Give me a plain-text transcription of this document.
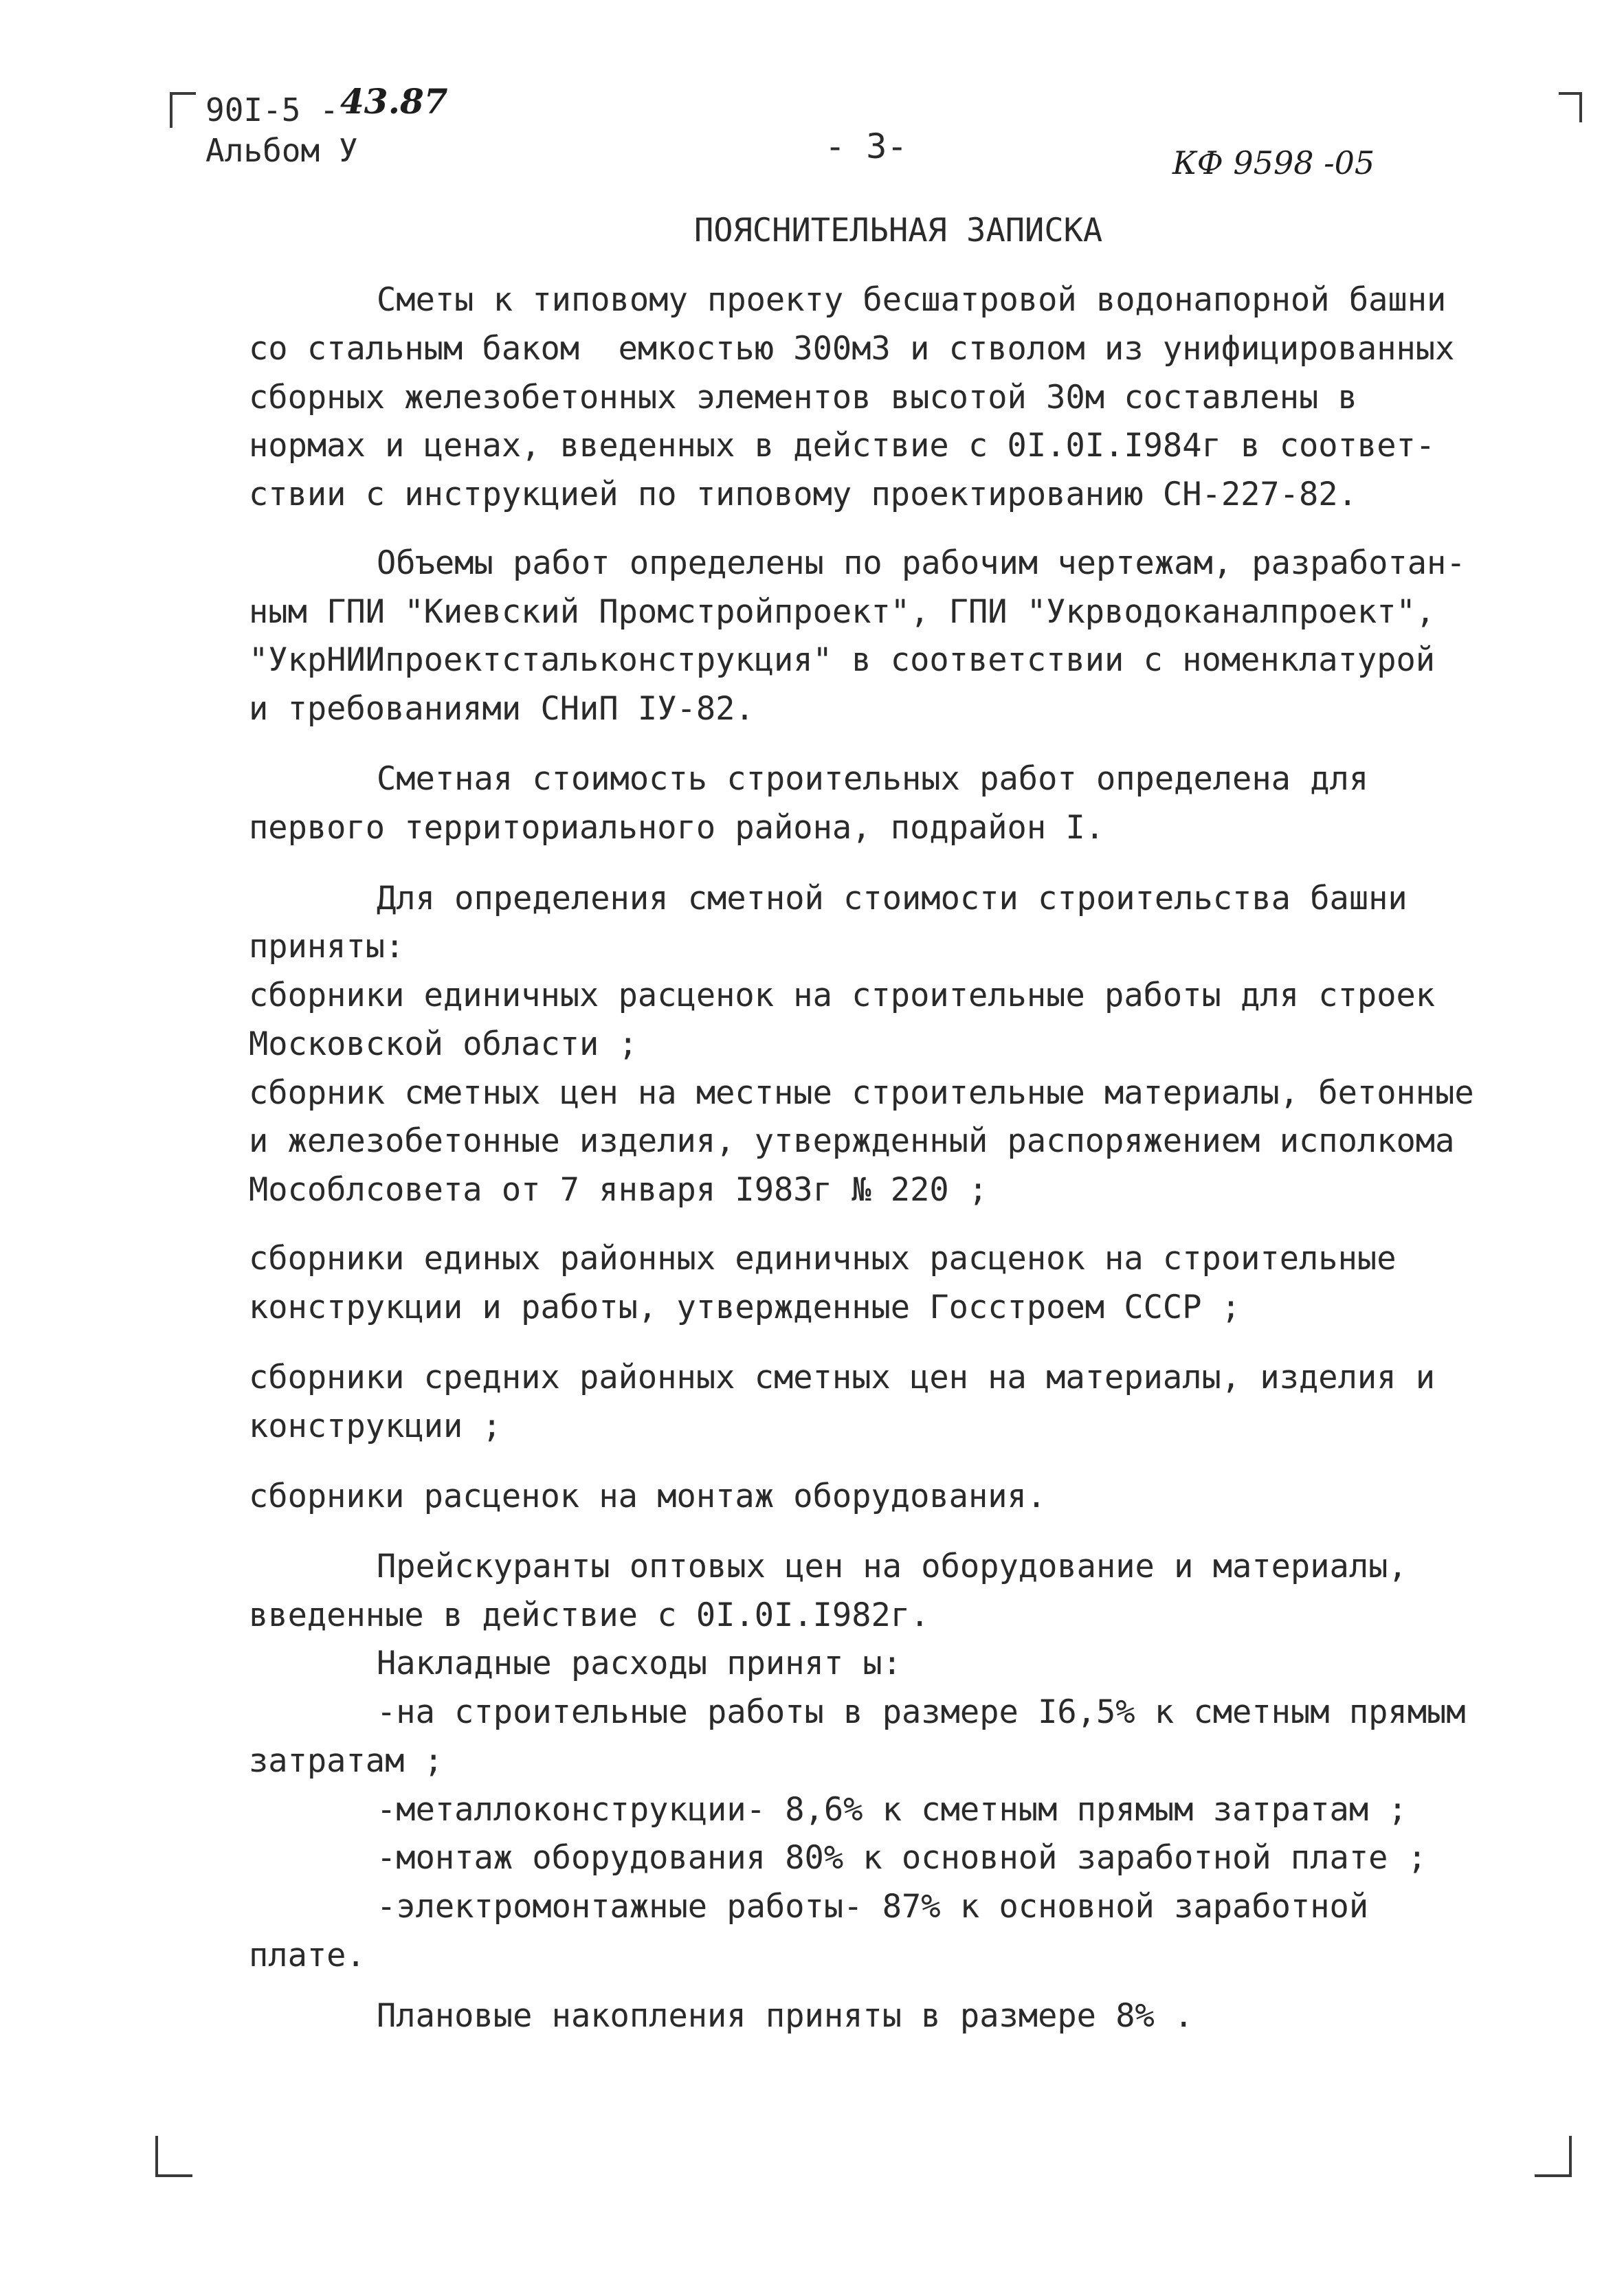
90I-5 - 43.87
Альбом У	- 3-	КФ 9598 -05
ПОЯСНИТЕЛЬНАЯ ЗАПИСКА
Сметы к типовому проекту бесшатровой водонапорной башни
со стальным баком  емкостью 300м3 и стволом из унифицированных
сборных железобетонных элементов высотой 30м составлены в
нормах и ценах, введенных в действие с 0I.0I.I984г в соответ-
ствии с инструкцией по типовому проектированию СН-227-82.
Объемы работ определены по рабочим чертежам, разработан-
ным ГПИ "Киевский Промстройпроект", ГПИ "Укрводоканалпроект",
"УкрНИИпроектстальконструкция" в соответствии с номенклатурой
и требованиями СНиП IУ-82.
Сметная стоимость строительных работ определена для
первого территориального района, подрайон I.
Для определения сметной стоимости строительства башни
приняты:
сборники единичных расценок на строительные работы для строек
Московской области ;
сборник сметных цен на местные строительные материалы, бетонные
и железобетонные изделия, утвержденный распоряжением исполкома
Мособлсовета от 7 января I983г № 220 ;
сборники единых районных единичных расценок на строительные
конструкции и работы, утвержденные Госстроем СССР ;
сборники средних районных сметных цен на материалы, изделия и
конструкции ;
сборники расценок на монтаж оборудования.
Прейскуранты оптовых цен на оборудование и материалы,
введенные в действие с 0I.0I.I982г.
Накладные расходы принят ы:
-на строительные работы в размере I6,5% к сметным прямым
затратам ;
-металлоконструкции- 8,6% к сметным прямым затратам ;
-монтаж оборудования 80% к основной заработной плате ;
-электромонтажные работы- 87% к основной заработной
плате.
Плановые накопления приняты в размере 8% .
